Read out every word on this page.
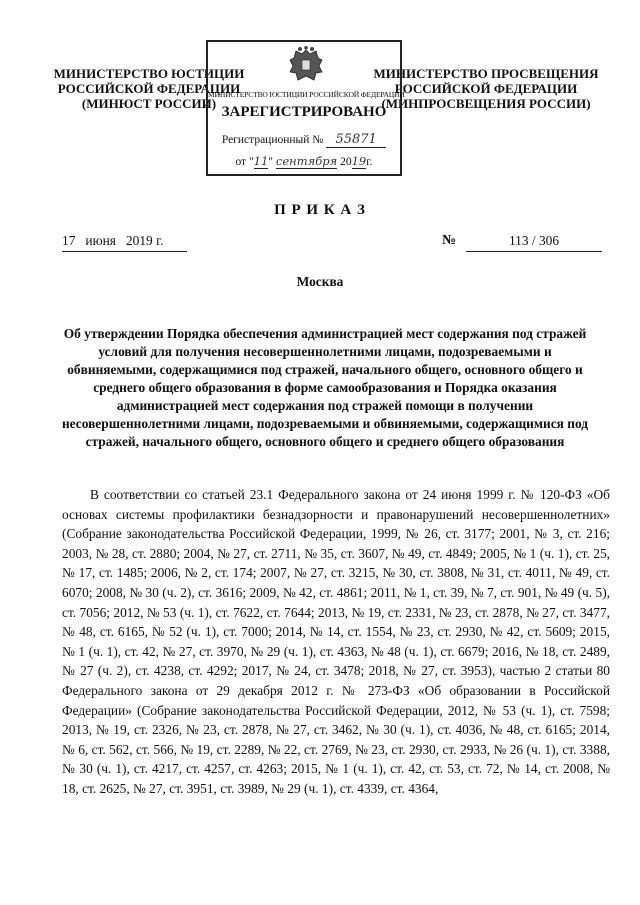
МИНИСТЕРСТВО ЮСТИЦИИ
РОССИЙСКОЙ ФЕДЕРАЦИИ
(МИНЮСТ РОССИИ)
МИНИСТЕРСТВО ПРОСВЕЩЕНИЯ
РОССИЙСКОЙ ФЕДЕРАЦИИ
(МИНПРОСВЕЩЕНИЯ РОССИИ)
МИНИСТЕРСТВО ЮСТИЦИИ РОССИЙСКОЙ ФЕДЕРАЦИИ
ЗАРЕГИСТРИРОВАНО
Регистрационный № 55871
от "11" сентября 2019г.
П Р И К А З
17   июня   2019 г.	№	113 / 306
Москва
Об утверждении Порядка обеспечения администрацией мест содержания под стражей условий для получения несовершеннолетними лицами, подозреваемыми и обвиняемыми, содержащимися под стражей, начального общего, основного общего и среднего общего образования в форме самообразования и Порядка оказания администрацией мест содержания под стражей помощи в получении несовершеннолетними лицами, подозреваемыми и обвиняемыми, содержащимися под стражей, начального общего, основного общего и среднего общего образования

В соответствии со статьей 23.1 Федерального закона от 24 июня 1999 г. № 120-ФЗ «Об основах системы профилактики безнадзорности и правонарушений несовершеннолетних» (Собрание законодательства Российской Федерации, 1999, № 26, ст. 3177; 2001, № 3, ст. 216; 2003, № 28, ст. 2880; 2004, № 27, ст. 2711, № 35, ст. 3607, № 49, ст. 4849; 2005, № 1 (ч. 1), ст. 25, № 17, ст. 1485; 2006, № 2, ст. 174; 2007, № 27, ст. 3215, № 30, ст. 3808, № 31, ст. 4011, № 49, ст. 6070; 2008, № 30 (ч. 2), ст. 3616; 2009, № 42, ст. 4861; 2011, № 1, ст. 39, № 7, ст. 901, № 49 (ч. 5), ст. 7056; 2012, № 53 (ч. 1), ст. 7622, ст. 7644; 2013, № 19, ст. 2331, № 23, ст. 2878, № 27, ст. 3477, № 48, ст. 6165, № 52 (ч. 1), ст. 7000; 2014, № 14, ст. 1554, № 23, ст. 2930, № 42, ст. 5609; 2015, № 1 (ч. 1), ст. 42, № 27, ст. 3970, № 29 (ч. 1), ст. 4363, № 48 (ч. 1), ст. 6679; 2016, № 18, ст. 2489, № 27 (ч. 2), ст. 4238, ст. 4292; 2017, № 24, ст. 3478; 2018, № 27, ст. 3953), частью 2 статьи 80 Федерального закона от 29 декабря 2012 г. № 273-ФЗ «Об образовании в Российской Федерации» (Собрание законодательства Российской Федерации, 2012, № 53 (ч. 1), ст. 7598; 2013, № 19, ст. 2326, № 23, ст. 2878, № 27, ст. 3462, № 30 (ч. 1), ст. 4036, № 48, ст. 6165; 2014, № 6, ст. 562, ст. 566, № 19, ст. 2289, № 22, ст. 2769, № 23, ст. 2930, ст. 2933, № 26 (ч. 1), ст. 3388, № 30 (ч. 1), ст. 4217, ст. 4257, ст. 4263; 2015, № 1 (ч. 1), ст. 42, ст. 53, ст. 72, № 14, ст. 2008, № 18, ст. 2625, № 27, ст. 3951, ст. 3989, № 29 (ч. 1), ст. 4339, ст. 4364,
